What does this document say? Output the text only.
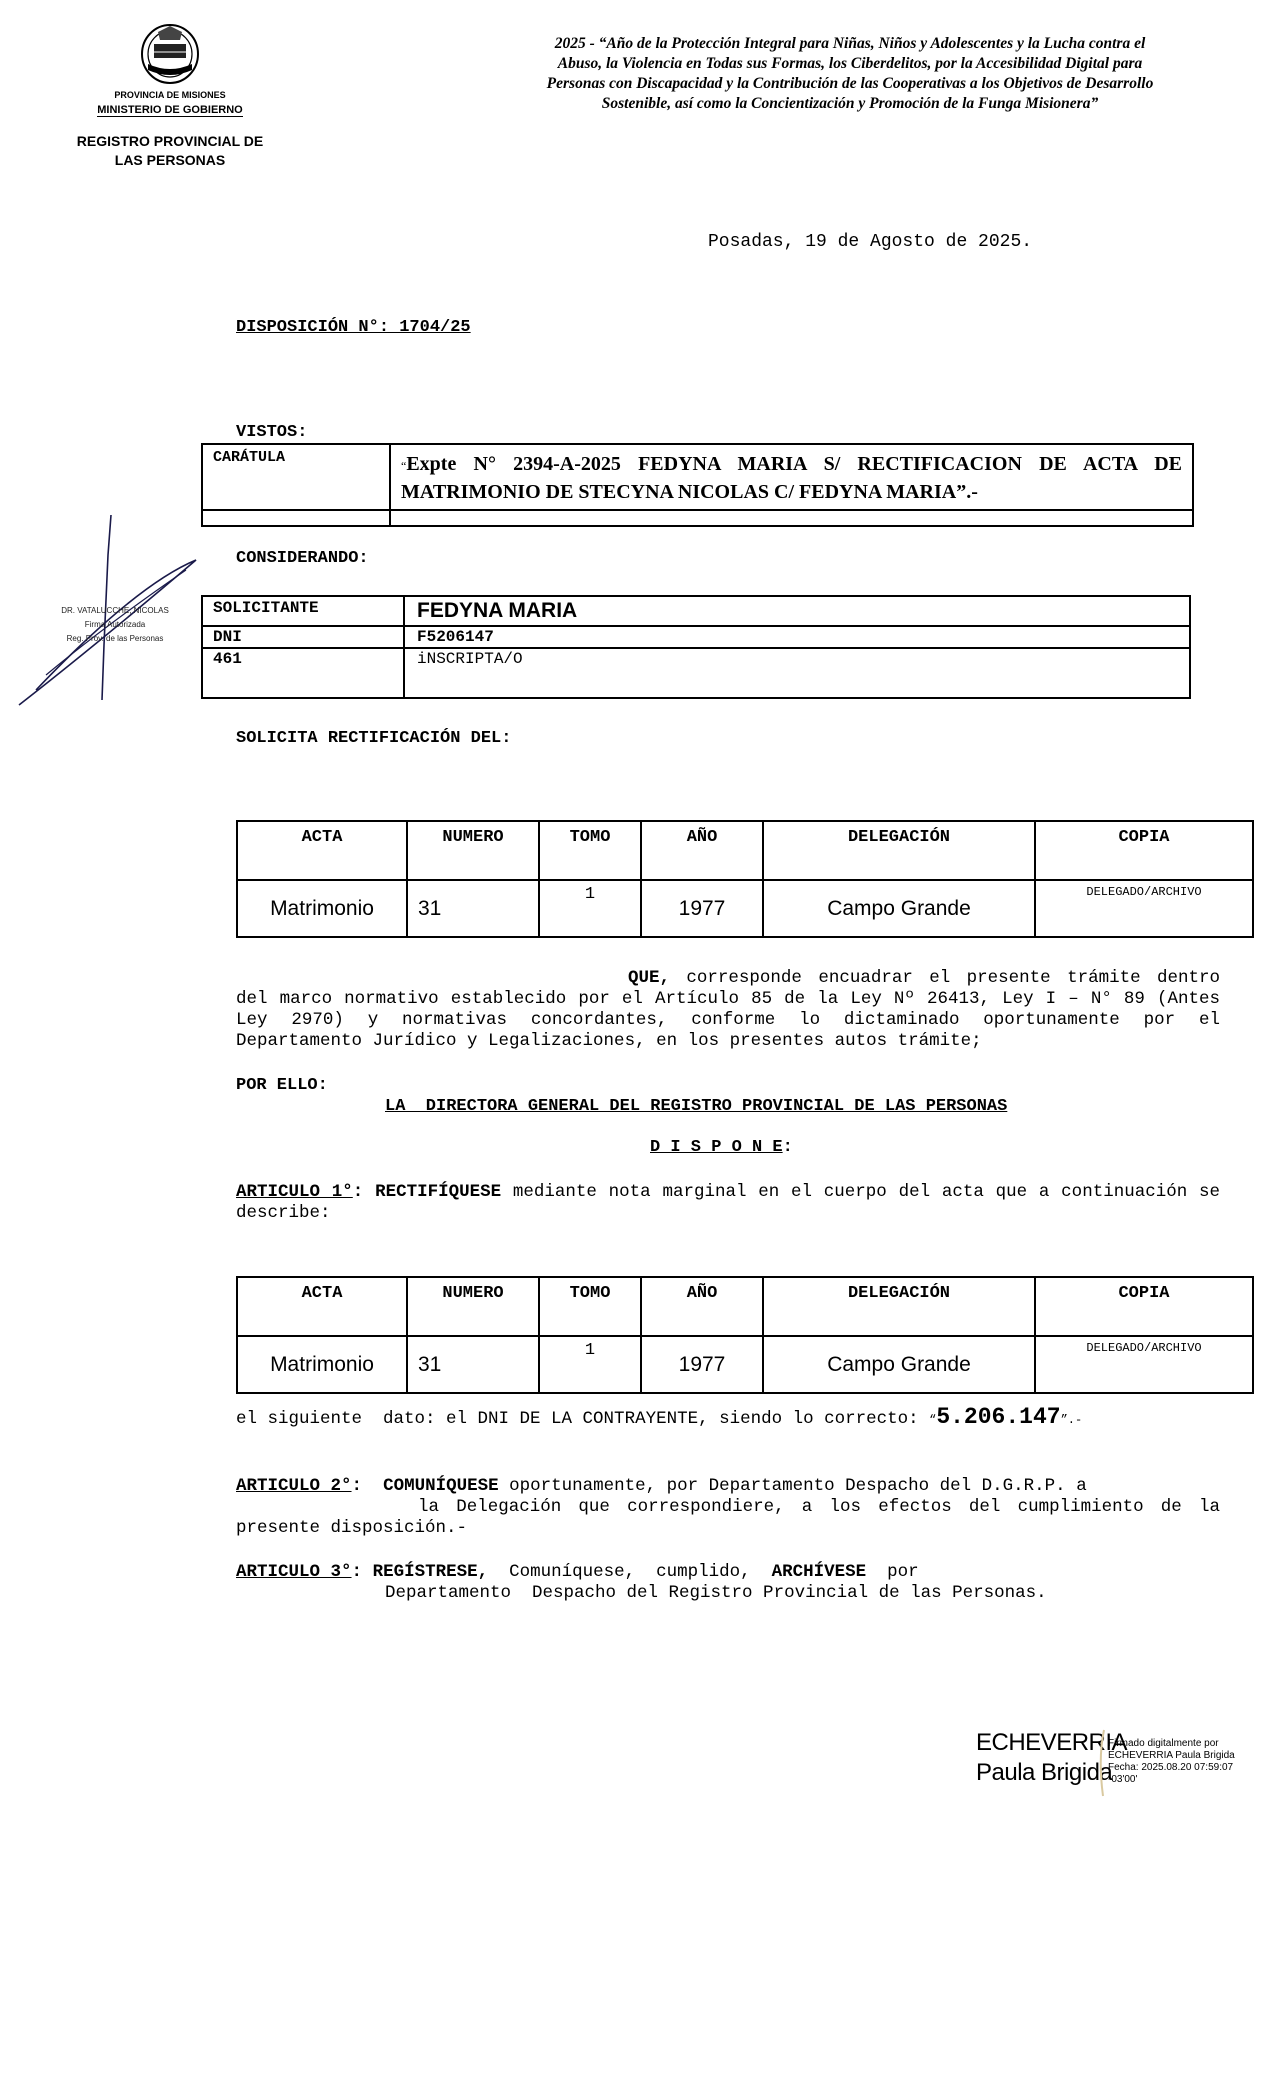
PROVINCIA DE MISIONES
MINISTERIO DE GOBIERNO
REGISTRO PROVINCIAL DE
LAS PERSONAS
2025 - “Año de la Protección Integral para Niñas, Niños y Adolescentes y la Lucha contra el Abuso, la Violencia en Todas sus Formas, los Ciberdelitos, por la Accesibilidad Digital para Personas con Discapacidad y la Contribución de las Cooperativas a los Objetivos de Desarrollo Sostenible, así como la Concientización y Promoción de la Funga Misionera”
Posadas, 19 de Agosto de 2025.
DISPOSICIÓN N°: 1704/25
VISTOS:
CARÁTULA	“Expte N° 2394-A-2025 FEDYNA MARIA S/ RECTIFICACION DE ACTA DE MATRIMONIO DE STECYNA NICOLAS C/ FEDYNA MARIA”.-

CONSIDERANDO:
DR. VATALUCCHE, NICOLAS
Firma Autorizada
Reg. Prov. de las Personas
SOLICITANTE	FEDYNA MARIA
DNI	F5206147
461	iNSCRIPTA/O
SOLICITA RECTIFICACIÓN DEL:
ACTA	NUMERO	TOMO	AÑO	DELEGACIÓN	COPIA
Matrimonio	31	1	1977	Campo Grande	DELEGADO/ARCHIVO
QUE, corresponde encuadrar el presente trámite dentro del marco normativo establecido por el Artículo 85 de la Ley Nº 26413, Ley I – N° 89 (Antes Ley 2970) y normativas concordantes, conforme lo dictaminado oportunamente por el Departamento Jurídico y Legalizaciones, en los presentes autos trámite;
POR ELLO:
LA  DIRECTORA GENERAL DEL REGISTRO PROVINCIAL DE LAS PERSONAS
D I S P O N E:
ARTICULO 1°: RECTIFÍQUESE mediante nota marginal en el cuerpo del acta que a continuación se describe:
ACTA	NUMERO	TOMO	AÑO	DELEGACIÓN	COPIA
Matrimonio	31	1	1977	Campo Grande	DELEGADO/ARCHIVO
el siguiente  dato: el DNI DE LA CONTRAYENTE, siendo lo correcto: “5.206.147”.-
ARTICULO 2°: COMUNÍQUESE oportunamente, por Departamento Despacho del D.G.R.P. a
la Delegación que correspondiere, a los efectos del cumplimiento de la presente disposición.-
ARTICULO 3°: REGÍSTRESE,  Comuníquese,  cumplido,  ARCHÍVESE  por
Departamento  Despacho del Registro Provincial de las Personas.
ECHEVERRIA
Paula Brigida
Firmado digitalmente por
ECHEVERRIA Paula Brigida
Fecha: 2025.08.20 07:59:07
-03'00'
